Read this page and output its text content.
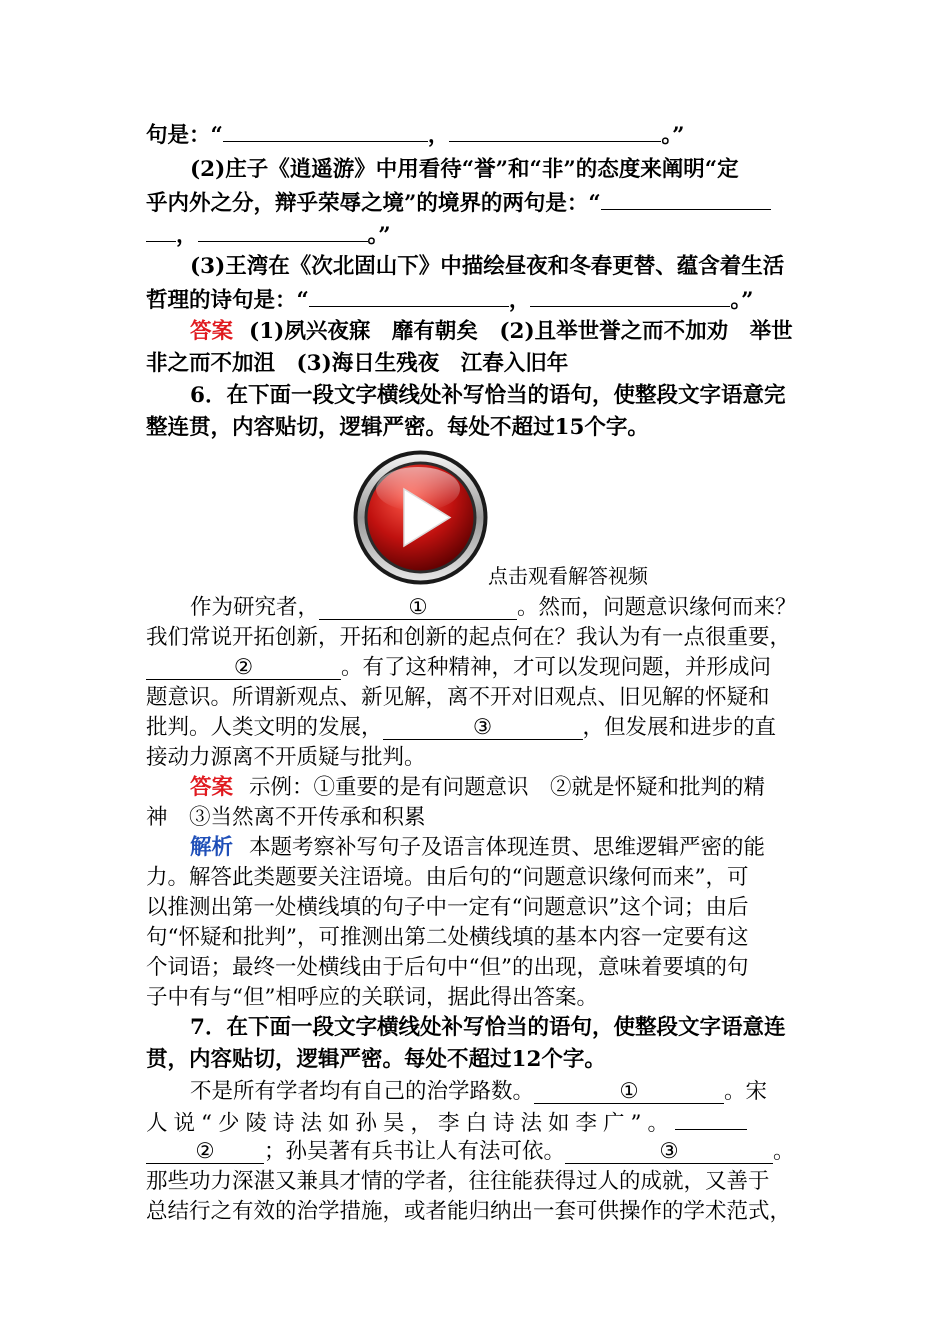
句是：“	，	。”
(2)庄子《逍遥游》中用看待“誉”和“非”的态度来阐明“定
乎内外之分，辩乎荣辱之境”的境界的两句是：“
，	。”
(3)王湾在《次北固山下》中描绘昼夜和冬春更替、蕴含着生活
哲理的诗句是：“	，	。”
答案 (1)夙兴夜寐　靡有朝矣　(2)且举世誉之而不加劝　举世
非之而不加沮　(3)海日生残夜　江春入旧年
6．在下面一段文字横线处补写恰当的语句，使整段文字语意完
整连贯，内容贴切，逻辑严密。每处不超过15个字。
点击观看解答视频
作为研究者，	①	。然而，问题意识缘何而来？
我们常说开拓创新，开拓和创新的起点何在？我认为有一点很重要，
②	。有了这种精神，才可以发现问题，并形成问
题意识。所谓新观点、新见解，离不开对旧观点、旧见解的怀疑和
批判。人类文明的发展，	③	，但发展和进步的直
接动力源离不开质疑与批判。
答案 示例：①重要的是有问题意识　②就是怀疑和批判的精
神　③当然离不开传承和积累
解析 本题考察补写句子及语言体现连贯、思维逻辑严密的能
力。解答此类题要关注语境。由后句的“问题意识缘何而来”，可
以推测出第一处横线填的句子中一定有“问题意识”这个词；由后
句“怀疑和批判”，可推测出第二处横线填的基本内容一定要有这
个词语；最终一处横线由于后句中“但”的出现，意味着要填的句
子中有与“但”相呼应的关联词，据此得出答案。
7．在下面一段文字横线处补写恰当的语句，使整段文字语意连
贯，内容贴切，逻辑严密。每处不超过12个字。
不是所有学者均有自己的治学路数。	①	。宋
人说“少陵诗法如孙吴，李白诗法如李广”。
② ；孙吴著有兵书让人有法可依。	③	。
那些功力深湛又兼具才情的学者，往往能获得过人的成就，又善于
总结行之有效的治学措施，或者能归纳出一套可供操作的学术范式，
